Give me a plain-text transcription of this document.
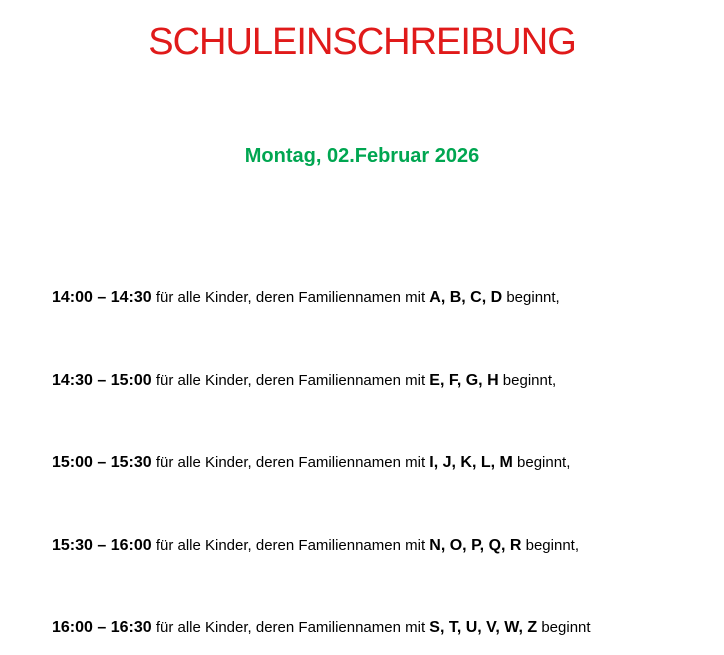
SCHULEINSCHREIBUNG
Montag, 02.Februar 2026
14:00 – 14:30 für alle Kinder, deren Familiennamen mit A, B, C, D beginnt,
14:30 – 15:00 für alle Kinder, deren Familiennamen mit E, F, G, H beginnt,
15:00 – 15:30 für alle Kinder, deren Familiennamen mit I, J, K, L, M beginnt,
15:30 – 16:00 für alle Kinder, deren Familiennamen mit N, O, P, Q, R beginnt,
16:00 – 16:30 für alle Kinder, deren Familiennamen mit S, T, U, V, W, Z beginnt
